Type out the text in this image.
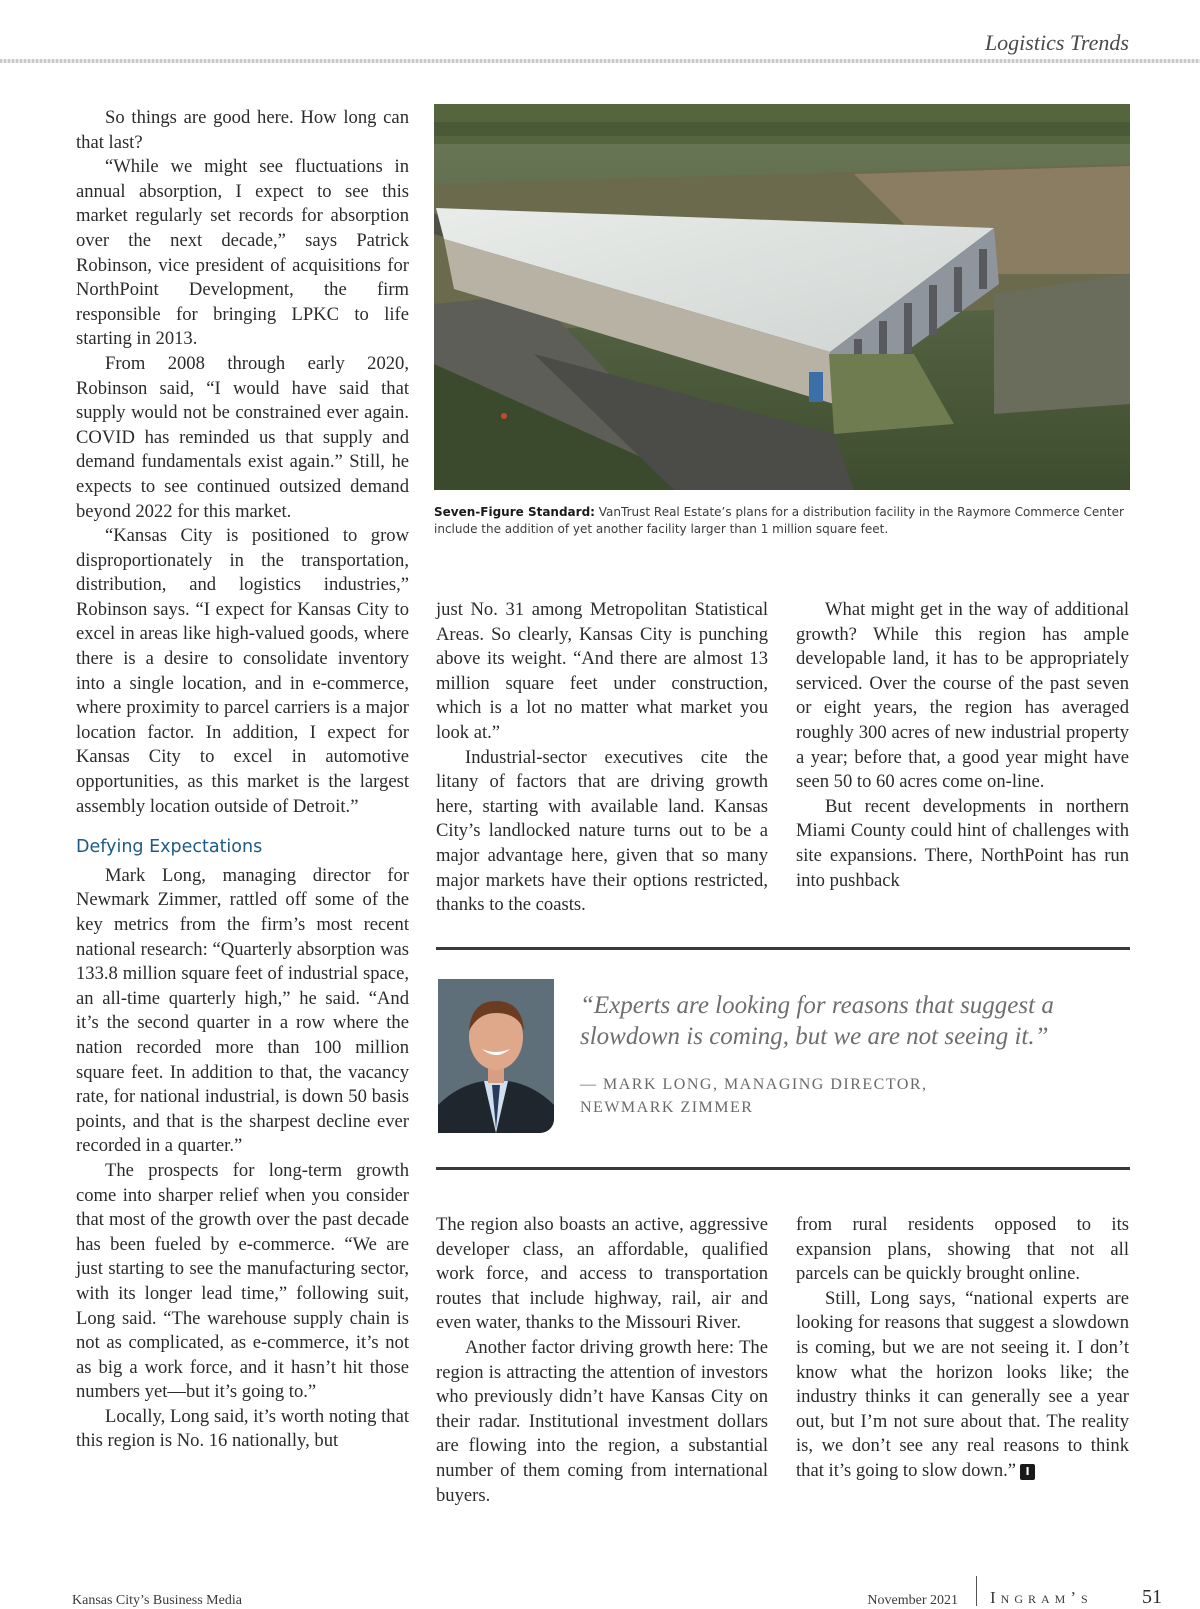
Logistics Trends

So things are good here. How long can that last?

“While we might see fluctuations in annual absorption, I expect to see this market regularly set records for absorption over the next decade,” says Patrick Robinson, vice president of acquisitions for NorthPoint Development, the firm responsible for bringing LPKC to life starting in 2013.

From 2008 through early 2020, Robinson said, “I would have said that supply would not be constrained ever again. COVID has reminded us that supply and demand fundamentals exist again.” Still, he expects to see continued outsized demand beyond 2022 for this market.

“Kansas City is positioned to grow disproportionately in the transportation, distribution, and logistics industries,” Robinson says. “I expect for Kansas City to excel in areas like high-valued goods, where there is a desire to consolidate inventory into a single location, and in e-commerce, where proximity to parcel carriers is a major location factor. In addition, I expect for Kansas City to excel in automotive opportunities, as this market is the largest assembly location outside of Detroit.”

Defying Expectations

Mark Long, managing director for Newmark Zimmer, rattled off some of the key metrics from the firm’s most recent national research: “Quarterly absorption was 133.8 million square feet of industrial space, an all-time quarterly high,” he said. “And it’s the second quarter in a row where the nation recorded more than 100 million square feet. In addition to that, the vacancy rate, for national industrial, is down 50 basis points, and that is the sharpest decline ever recorded in a quarter.”

The prospects for long-term growth come into sharper relief when you consider that most of the growth over the past decade has been fueled by e-commerce. “We are just starting to see the manufacturing sector, with its longer lead time,” following suit, Long said. “The warehouse supply chain is not as complicated, as e-commerce, it’s not as big a work force, and it hasn’t hit those numbers yet—but it’s going to.”

Locally, Long said, it’s worth noting that this region is No. 16 nationally, but

Seven-Figure Standard: VanTrust Real Estate’s plans for a distribution facility in the Raymore Commerce Center include the addition of yet another facility larger than 1 million square feet.

just No. 31 among Metropolitan Statistical Areas. So clearly, Kansas City is punching above its weight. “And there are almost 13 million square feet under construction, which is a lot no matter what market you look at.”

Industrial-sector executives cite the litany of factors that are driving growth here, starting with available land. Kansas City’s landlocked nature turns out to be a major advantage here, given that so many major markets have their options restricted, thanks to the coasts.

What might get in the way of additional growth? While this region has ample developable land, it has to be appropriately serviced. Over the course of the past seven or eight years, the region has averaged roughly 300 acres of new industrial property a year; before that, a good year might have seen 50 to 60 acres come on-line.

But recent developments in northern Miami County could hint of challenges with site expansions. There, NorthPoint has run into pushback

“Experts are looking for reasons that suggest a slowdown is coming, but we are not seeing it.”
— MARK LONG, MANAGING DIRECTOR,
NEWMARK ZIMMER

The region also boasts an active, aggressive developer class, an affordable, qualified work force, and access to transportation routes that include highway, rail, air and even water, thanks to the Missouri River.

Another factor driving growth here: The region is attracting the attention of investors who previously didn’t have Kansas City on their radar. Institutional investment dollars are flowing into the region, a substantial number of them coming from international buyers.

from rural residents opposed to its expansion plans, showing that not all parcels can be quickly brought online.

Still, Long says, “national experts are looking for reasons that suggest a slowdown is coming, but we are not seeing it. I don’t know what the horizon looks like; the industry thinks it can generally see a year out, but I’m not sure about that. The reality is, we don’t see any real reasons to think that it’s going to slow down.” I

Kansas City’s Business Media	November 2021 Ingram’s 51
